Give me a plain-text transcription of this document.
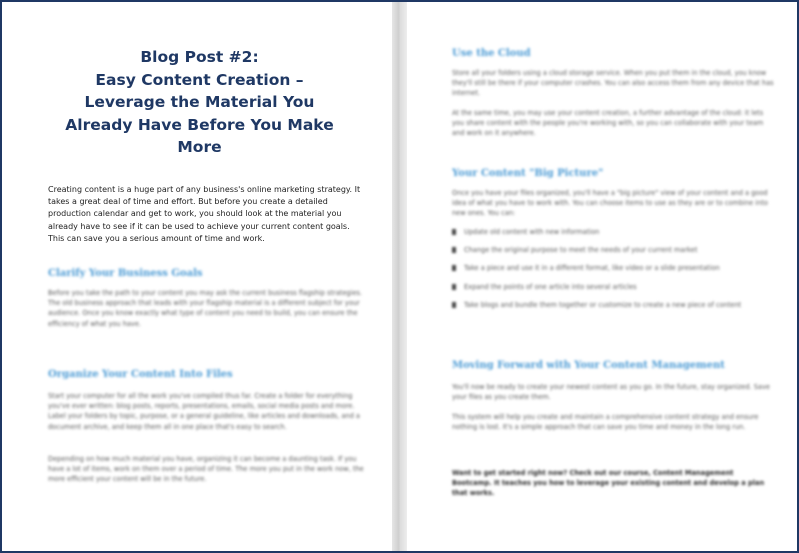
Blog Post #2:
Easy Content Creation –
Leverage the Material You
Already Have Before You Make
More

Creating content is a huge part of any business's online marketing strategy. It takes a great deal of time and effort. But before you create a detailed production calendar and get to work, you should look at the material you already have to see if it can be used to achieve your current content goals. This can save you a serious amount of time and work.

Clarify Your Business Goals

Before you take the path to your content you may ask the current business flagship strategies. The old business approach that leads with your flagship material is a different subject for your audience. Once you know exactly what type of content you need to build, you can ensure the efficiency of what you have.

Organize Your Content Into Files

Start your computer for all the work you've compiled thus far. Create a folder for everything you've ever written: blog posts, reports, presentations, emails, social media posts and more. Label your folders by topic, purpose, or a general guideline, like articles and downloads, and a document archive, and keep them all in one place that's easy to search.

Depending on how much material you have, organizing it can become a daunting task. If you have a lot of items, work on them over a period of time. The more you put in the work now, the more efficient your content will be in the future.

Use the Cloud

Store all your folders using a cloud storage service. When you put them in the cloud, you know they'll still be there if your computer crashes. You can also access them from any device that has internet.

At the same time, you may use your content creation, a further advantage of the cloud: it lets you share content with the people you're working with, so you can collaborate with your team and work on it anywhere.

Your Content "Big Picture"

Once you have your files organized, you'll have a "big picture" view of your content and a good idea of what you have to work with. You can choose items to use as they are or to combine into new ones. You can:

Update old content with new information
Change the original purpose to meet the needs of your current market
Take a piece and use it in a different format, like video or a slide presentation
Expand the points of one article into several articles
Take blogs and bundle them together or customize to create a new piece of content
Moving Forward with Your Content Management

You'll now be ready to create your newest content as you go. In the future, stay organized. Save your files as you create them.

This system will help you create and maintain a comprehensive content strategy and ensure nothing is lost. It's a simple approach that can save you time and money in the long run.

Want to get started right now? Check out our course, Content Management Bootcamp. It teaches you how to leverage your existing content and develop a plan that works.
